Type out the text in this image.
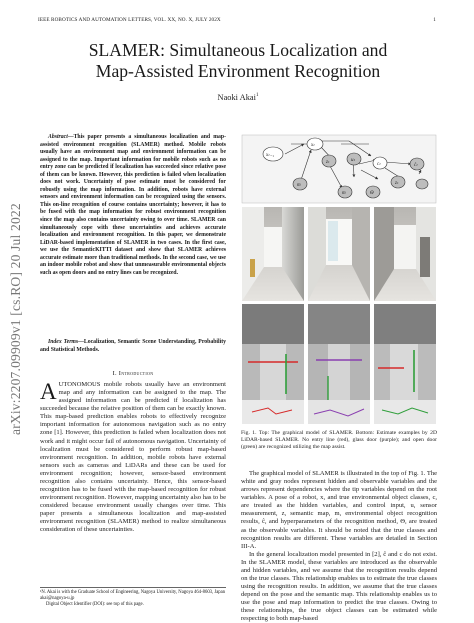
IEEE ROBOTICS AND AUTOMATION LETTERS, VOL. XX, NO. X, JULY 202X	1
arXiv:2207.09909v1 [cs.RO] 20 Jul 2022
SLAMER: Simultaneous Localization and
Map-Assisted Environment Recognition
Naoki Akai$^1$
Abstract—This paper presents a simultaneous localization and map-assisted environment recognition (SLAMER) method. Mobile robots usually have an environment map and environment information can be assigned to the map. Important information for mobile robots such as no entry zone can be predicted if localization has succeeded since relative pose of them can be known. However, this prediction is failed when localization does not work. Uncertainty of pose estimate must be considered for robustly using the map information. In addition, robots have external sensors and environment information can be recognized using the sensors. This on-line recognition of course contains uncertainty; however, it has to be fused with the map information for robust environment recognition since the map also contains uncertainty owing to over time. SLAMER can simultaneously cope with these uncertainties and achieves accurate localization and environment recognition. In this paper, we demonstrate LiDAR-based implementation of SLAMER in two cases. In the first case, we use the SemanticKITTI dataset and show that SLAMER achieves accurate estimate more than traditional methods. In the second case, we use an indoor mobile robot and show that unmeasurable environmental objects such as open doors and no entry lines can be recognized.
Index Terms—Localization, Semantic Scene Understanding, Probability and Statistical Methods.
I. Introduction
AUTONOMOUS mobile robots usually have an environment map and any information can be assigned to the map. The assigned information can be predicted if localization has succeeded because the relative position of them can be exactly known. This map-based prediction enables robots to effectively recognize important information for autonomous navigation such as no entry zone [1]. However, this prediction is failed when localization does not work and it might occur fail of autonomous navigation. Uncertainty of localization must be considered to perform robust map-based environment recognition. In addition, mobile robots have external sensors such as cameras and LiDARs and these can be used for environment recognition; however, sensor-based environment recognition also contains uncertainty. Hence, this sensor-based recognition has to be fused with the map-based recognition for robust environment recognition. However, mapping uncertainty also has to be considered because environment usually changes over time. This paper presents a simultaneous localization and map-assisted environment recognition (SLAMER) method to realize simultaneous consideration of these uncertainties.
¹N. Akai is with the Graduate School of Engineering, Nagoya University, Nagoya 464-8603, Japan akai@nagoya-u.jp
Digital Object Identifier (DOI): see top of this page.
xₜ₋₁
xₜ
uₜ
cₜ	ĉₜ
zₜ
m
zₜ
m	Θ
Fig. 1. Top: The graphical model of SLAMER. Bottom: Estimate examples by 2D LiDAR-based SLAMER. No entry line (red), glass door (purple); and open door (green) are recognized utilizing the map assist.

The graphical model of SLAMER is illustrated in the top of Fig. 1. The white and gray nodes represent hidden and observable variables and the arrows represent dependencies where the tip variables depend on the root variables. A pose of a robot, x, and true environmental object classes, c, are treated as the hidden variables, and control input, u, sensor measurement, z, semantic map, m, environmental object recognition results, ĉ, and hyperparameters of the recognition method, Θ, are treated as the observable variables. It should be noted that the true classes and recognition results are different. These variables are detailed in Section III-A.

In the general localization model presented in [2], ĉ and c do not exist. In the SLAMER model, these variables are introduced as the observable and hidden variables, and we assume that the recognition results depend on the true classes. This relationship enables us to estimate the true classes using the recognition results. In addition, we assume that the true classes depend on the pose and the semantic map. This relationship enables us to use the pose and map information to predict the true classes. Owing to these relationships, the true object classes can be estimated while respecting to both map-based
